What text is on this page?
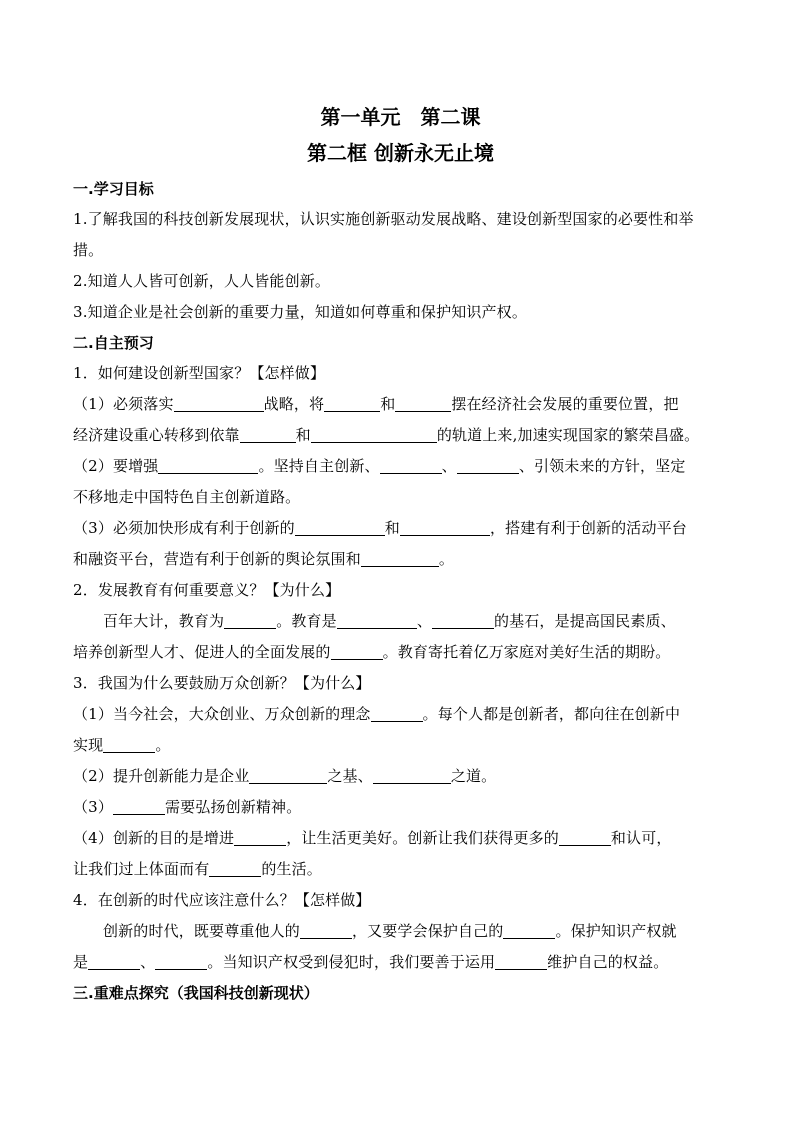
第一单元　第二课
第二框 创新永无止境
一.学习目标
1.了解我国的科技创新发展现状，认识实施创新驱动发展战略、建设创新型国家的必要性和举
措。
2.知道人人皆可创新，人人皆能创新。
3.知道企业是社会创新的重要力量，知道如何尊重和保护知识产权。
二.自主预习
1．如何建设创新型国家？【怎样做】
（1）必须落实	战略，将	和	摆在经济社会发展的重要位置，把
经济建设重心转移到依靠	和	的轨道上来,加速实现国家的繁荣昌盛。
（2）要增强	。坚持自主创新、	、	、引领未来的方针，坚定
不移地走中国特色自主创新道路。
（3）必须加快形成有利于创新的	和	，搭建有利于创新的活动平台
和融资平台，营造有利于创新的舆论氛围和	。
2．发展教育有何重要意义？【为什么】
百年大计，教育为	。教育是	、	的基石，是提高国民素质、
培养创新型人才、促进人的全面发展的	。教育寄托着亿万家庭对美好生活的期盼。
3．我国为什么要鼓励万众创新？【为什么】
（1）当今社会，大众创业、万众创新的理念	。每个人都是创新者，都向往在创新中
实现	。
（2）提升创新能力是企业	之基、	之道。
（3）	需要弘扬创新精神。
（4）创新的目的是增进	，让生活更美好。创新让我们获得更多的	和认可，
让我们过上体面而有	的生活。
4．在创新的时代应该注意什么？【怎样做】
创新的时代，既要尊重他人的	，又要学会保护自己的	。保护知识产权就
是	、	。当知识产权受到侵犯时，我们要善于运用	维护自己的权益。
三.重难点探究（我国科技创新现状）
